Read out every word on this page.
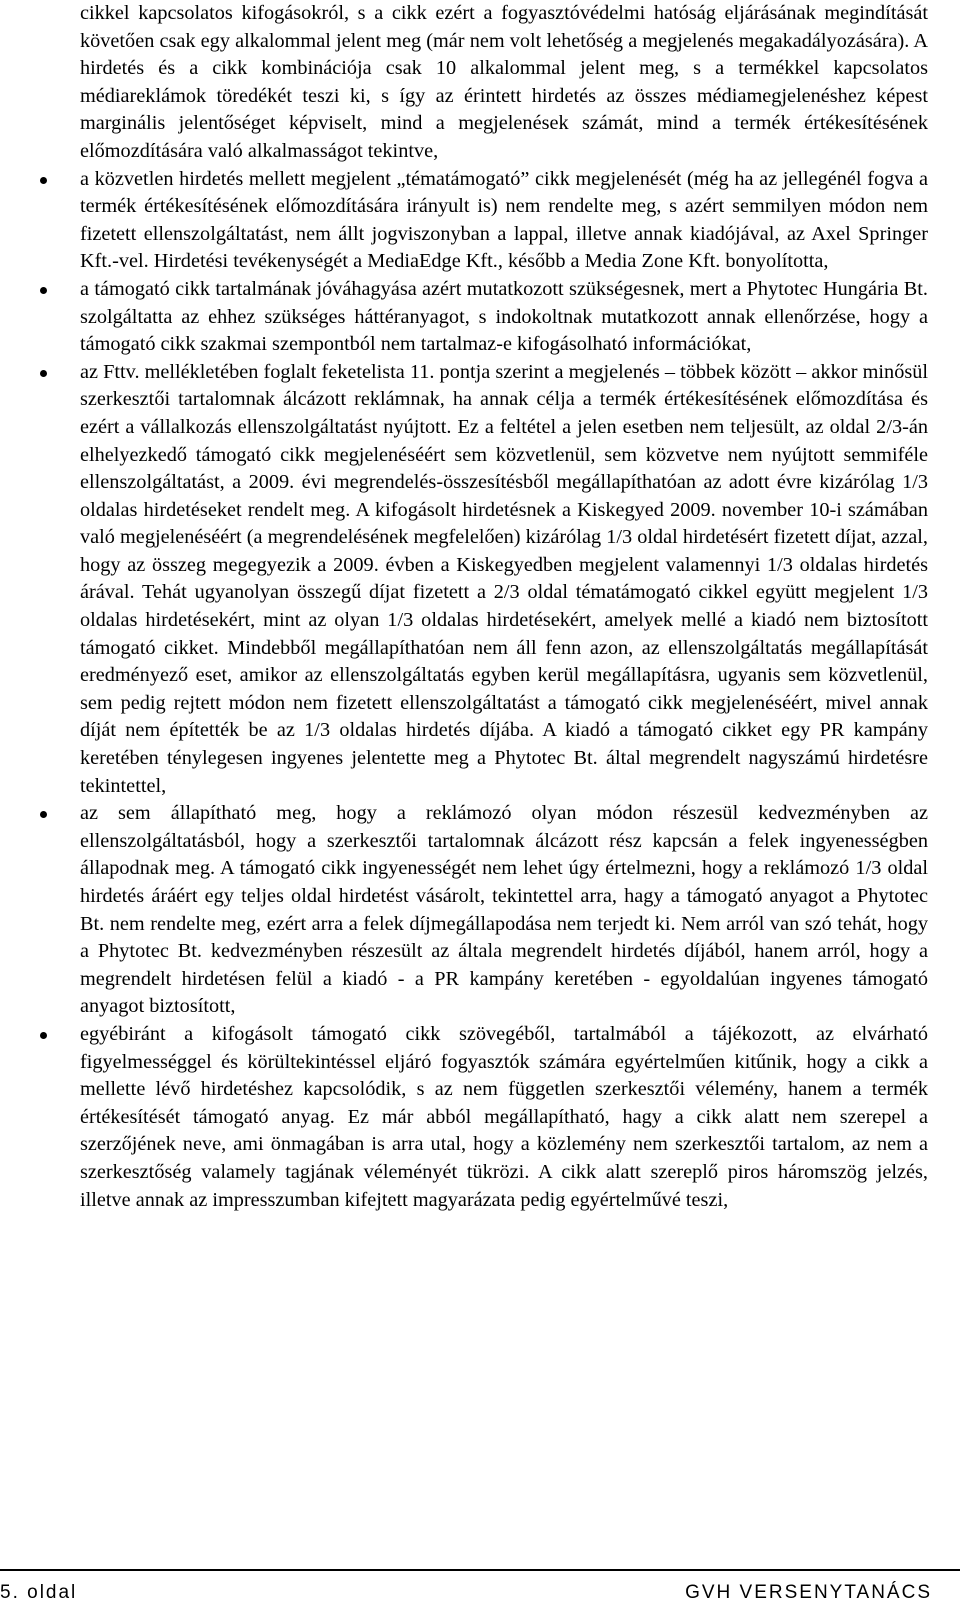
cikkel kapcsolatos kifogásokról, s a cikk ezért a fogyasztóvédelmi hatóság eljárásának megindítását követően csak egy alkalommal jelent meg (már nem volt lehetőség a megjelenés megakadályozására). A hirdetés és a cikk kombinációja csak 10 alkalommal jelent meg, s a termékkel kapcsolatos médiareklámok töredékét teszi ki, s így az érintett hirdetés az összes médiamegjelenéshez képest marginális jelentőséget képviselt, mind a megjelenések számát, mind a termék értékesítésének előmozdítására való alkalmasságot tekintve,

a közvetlen hirdetés mellett megjelent „tématámogató” cikk megjelenését (még ha az jellegénél fogva a termék értékesítésének előmozdítására irányult is) nem rendelte meg, s azért semmilyen módon nem fizetett ellenszolgáltatást, nem állt jogviszonyban a lappal, illetve annak kiadójával, az Axel Springer Kft.-vel. Hirdetési tevékenységét a MediaEdge Kft., később a Media Zone Kft. bonyolította,
a támogató cikk tartalmának jóváhagyása azért mutatkozott szükségesnek, mert a Phytotec Hungária Bt. szolgáltatta az ehhez szükséges háttéranyagot, s indokoltnak mutatkozott annak ellenőrzése, hogy a támogató cikk szakmai szempontból nem tartalmaz-e kifogásolható információkat,
az Fttv. mellékletében foglalt feketelista 11. pontja szerint a megjelenés – többek között – akkor minősül szerkesztői tartalomnak álcázott reklámnak, ha annak célja a termék értékesítésének előmozdítása és ezért a vállalkozás ellenszolgáltatást nyújtott. Ez a feltétel a jelen esetben nem teljesült, az oldal 2/3-án elhelyezkedő támogató cikk megjelenéséért sem közvetlenül, sem közvetve nem nyújtott semmiféle ellenszolgáltatást, a 2009. évi megrendelés-összesítésből megállapíthatóan az adott évre kizárólag 1/3 oldalas hirdetéseket rendelt meg. A kifogásolt hirdetésnek a Kiskegyed 2009. november 10-i számában való megjelenéséért (a megrendelésének megfelelően) kizárólag 1/3 oldal hirdetésért fizetett díjat, azzal, hogy az összeg megegyezik a 2009. évben a Kiskegyedben megjelent valamennyi 1/3 oldalas hirdetés árával. Tehát ugyanolyan összegű díjat fizetett a 2/3 oldal tématámogató cikkel együtt megjelent 1/3 oldalas hirdetésekért, mint az olyan 1/3 oldalas hirdetésekért, amelyek mellé a kiadó nem biztosított támogató cikket. Mindebből megállapíthatóan nem áll fenn azon, az ellenszolgáltatás megállapítását eredményező eset, amikor az ellenszolgáltatás egyben kerül megállapításra, ugyanis sem közvetlenül, sem pedig rejtett módon nem fizetett ellenszolgáltatást a támogató cikk megjelenéséért, mivel annak díját nem építették be az 1/3 oldalas hirdetés díjába. A kiadó a támogató cikket egy PR kampány keretében ténylegesen ingyenes jelentette meg a Phytotec Bt. által megrendelt nagyszámú hirdetésre tekintettel,
az sem állapítható meg, hogy a reklámozó olyan módon részesül kedvezményben az ellenszolgáltatásból, hogy a szerkesztői tartalomnak álcázott rész kapcsán a felek ingyenességben állapodnak meg. A támogató cikk ingyenességét nem lehet úgy értelmezni, hogy a reklámozó 1/3 oldal hirdetés áráért egy teljes oldal hirdetést vásárolt, tekintettel arra, hagy a támogató anyagot a Phytotec Bt. nem rendelte meg, ezért arra a felek díjmegállapodása nem terjedt ki. Nem arról van szó tehát, hogy a Phytotec Bt. kedvezményben részesült az általa megrendelt hirdetés díjából, hanem arról, hogy a megrendelt hirdetésen felül a kiadó - a PR kampány keretében - egyoldalúan ingyenes támogató anyagot biztosított,
egyébiránt a kifogásolt támogató cikk szövegéből, tartalmából a tájékozott, az elvárható figyelmességgel és körültekintéssel eljáró fogyasztók számára egyértelműen kitűnik, hogy a cikk a mellette lévő hirdetéshez kapcsolódik, s az nem független szerkesztői vélemény, hanem a termék értékesítését támogató anyag. Ez már abból megállapítható, hagy a cikk alatt nem szerepel a szerzőjének neve, ami önmagában is arra utal, hogy a közlemény nem szerkesztői tartalom, az nem a szerkesztőség valamely tagjának véleményét tükrözi. A cikk alatt szereplő piros háromszög jelzés, illetve annak az impresszumban kifejtett magyarázata pedig egyértelművé teszi,
5. oldal	GVH VERSENYTANÁCS
